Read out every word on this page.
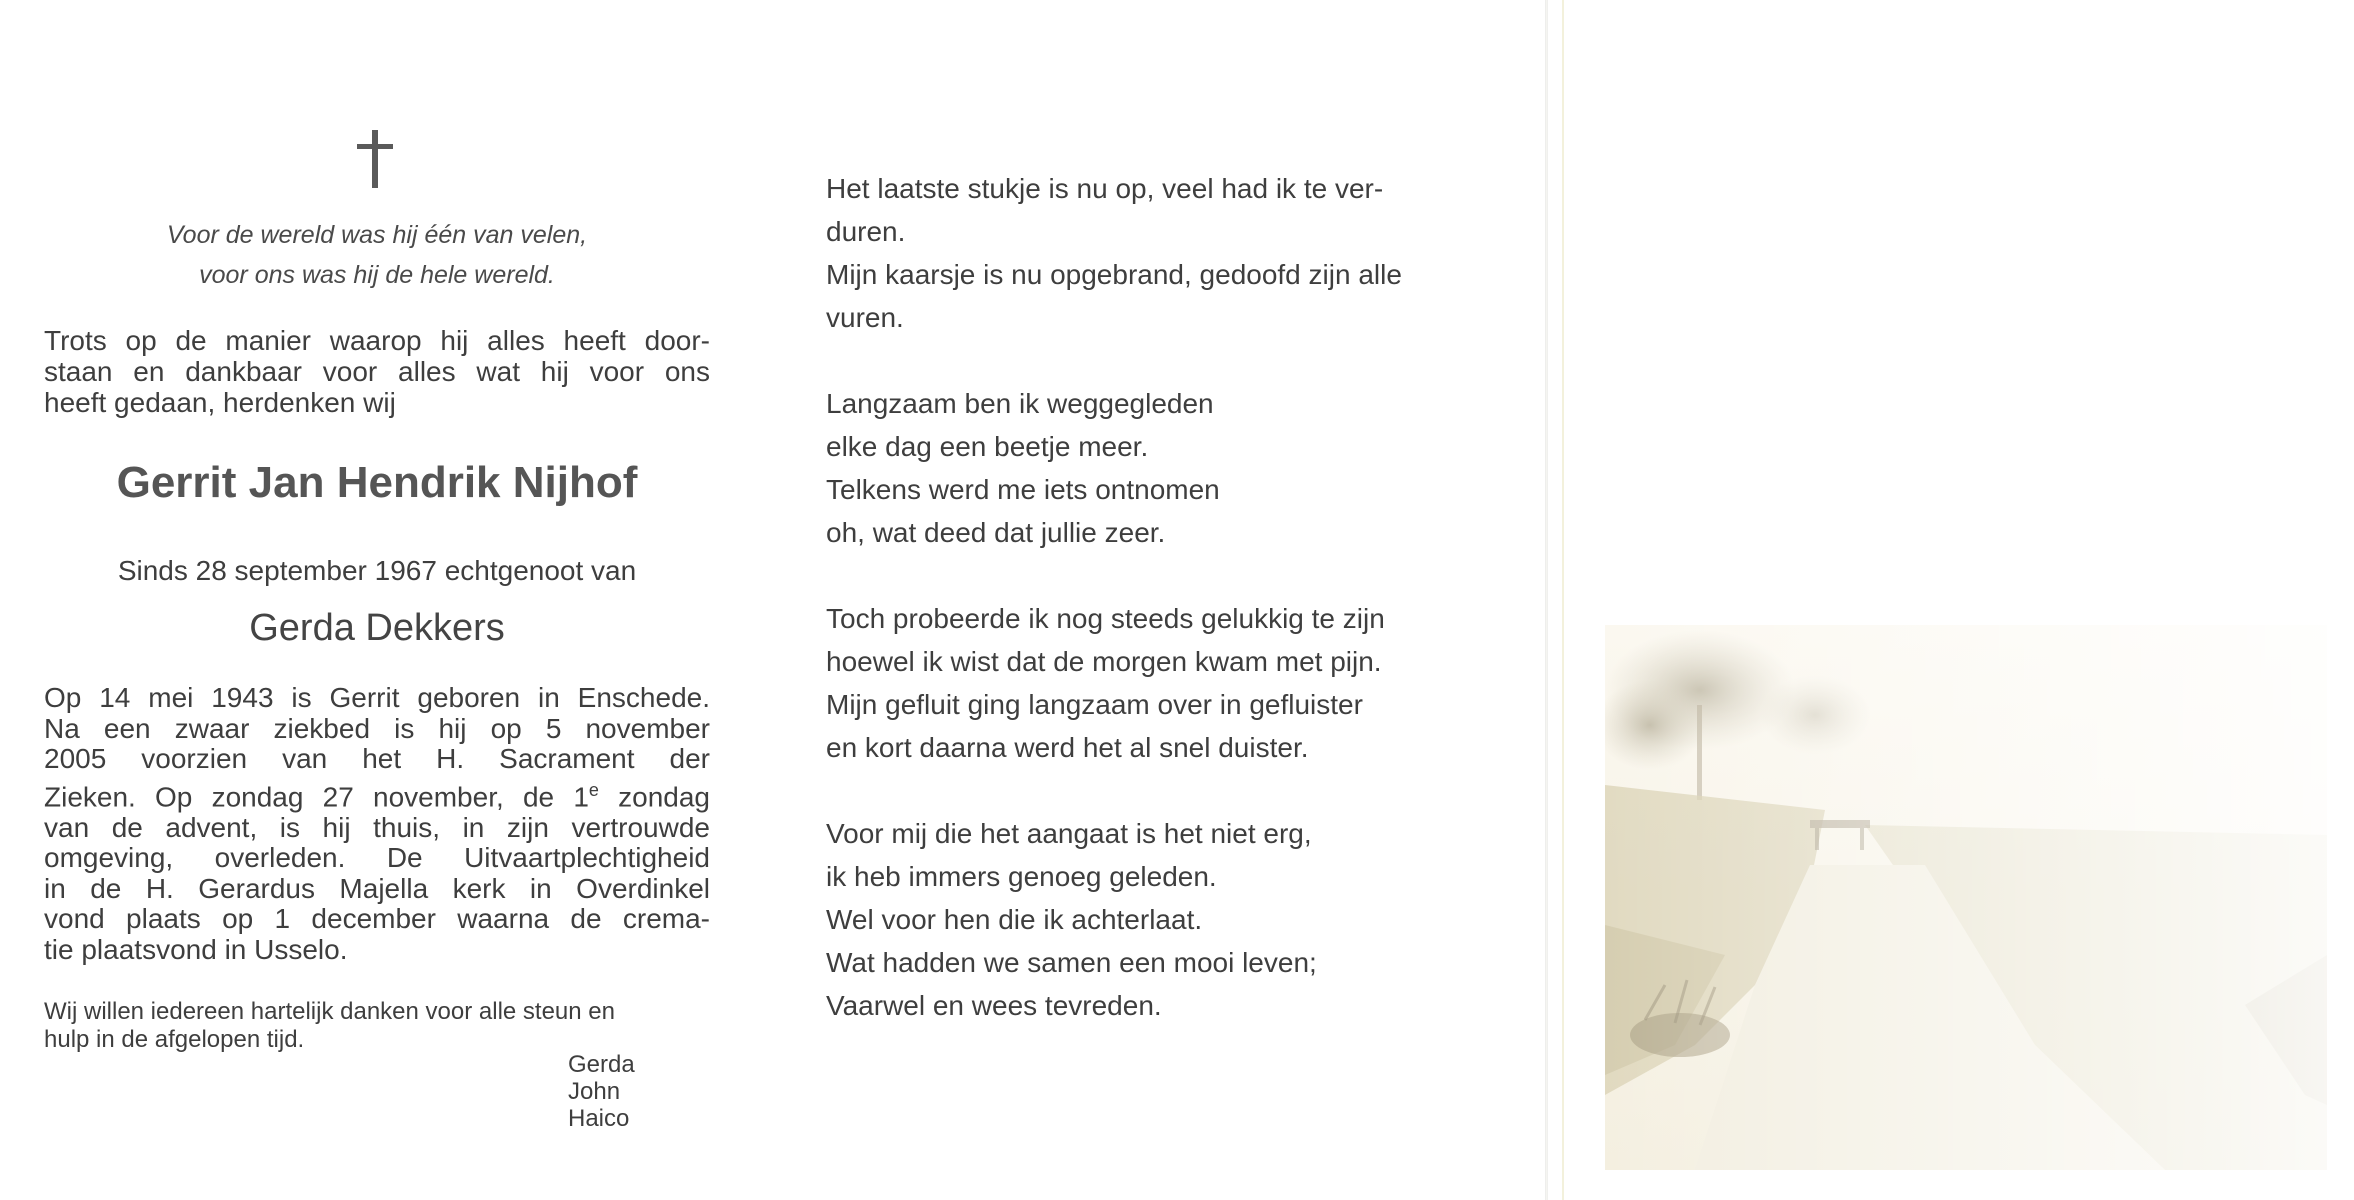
Voor de wereld was hij één van velen,
voor ons was hij de hele wereld.
Trots op de manier waarop hij alles heeft door-
staan en dankbaar voor alles wat hij voor ons
heeft gedaan, herdenken wij
Gerrit Jan Hendrik Nijhof
Sinds 28 september 1967 echtgenoot van
Gerda Dekkers
Op 14 mei 1943 is Gerrit geboren in Enschede.
Na een zwaar ziekbed is hij op 5 november
2005 voorzien van het H. Sacrament der
Zieken. Op zondag 27 november, de 1e zondag
van de advent, is hij thuis, in zijn vertrouwde
omgeving, overleden. De Uitvaartplechtigheid
in de H. Gerardus Majella kerk in Overdinkel
vond plaats op 1 december waarna de crema-
tie plaatsvond in Usselo.
Wij willen iedereen hartelijk danken voor alle steun en
hulp in de afgelopen tijd.
Gerda
John
Haico
Het laatste stukje is nu op, veel had ik te ver-
duren.
Mijn kaarsje is nu opgebrand, gedoofd zijn alle
vuren.
Langzaam ben ik weggegleden
elke dag een beetje meer.
Telkens werd me iets ontnomen
oh, wat deed dat jullie zeer.
Toch probeerde ik nog steeds gelukkig te zijn
hoewel ik wist dat de morgen kwam met pijn.
Mijn gefluit ging langzaam over in gefluister
en kort daarna werd het al snel duister.
Voor mij die het aangaat is het niet erg,
ik heb immers genoeg geleden.
Wel voor hen die ik achterlaat.
Wat hadden we samen een mooi leven;
Vaarwel en wees tevreden.
